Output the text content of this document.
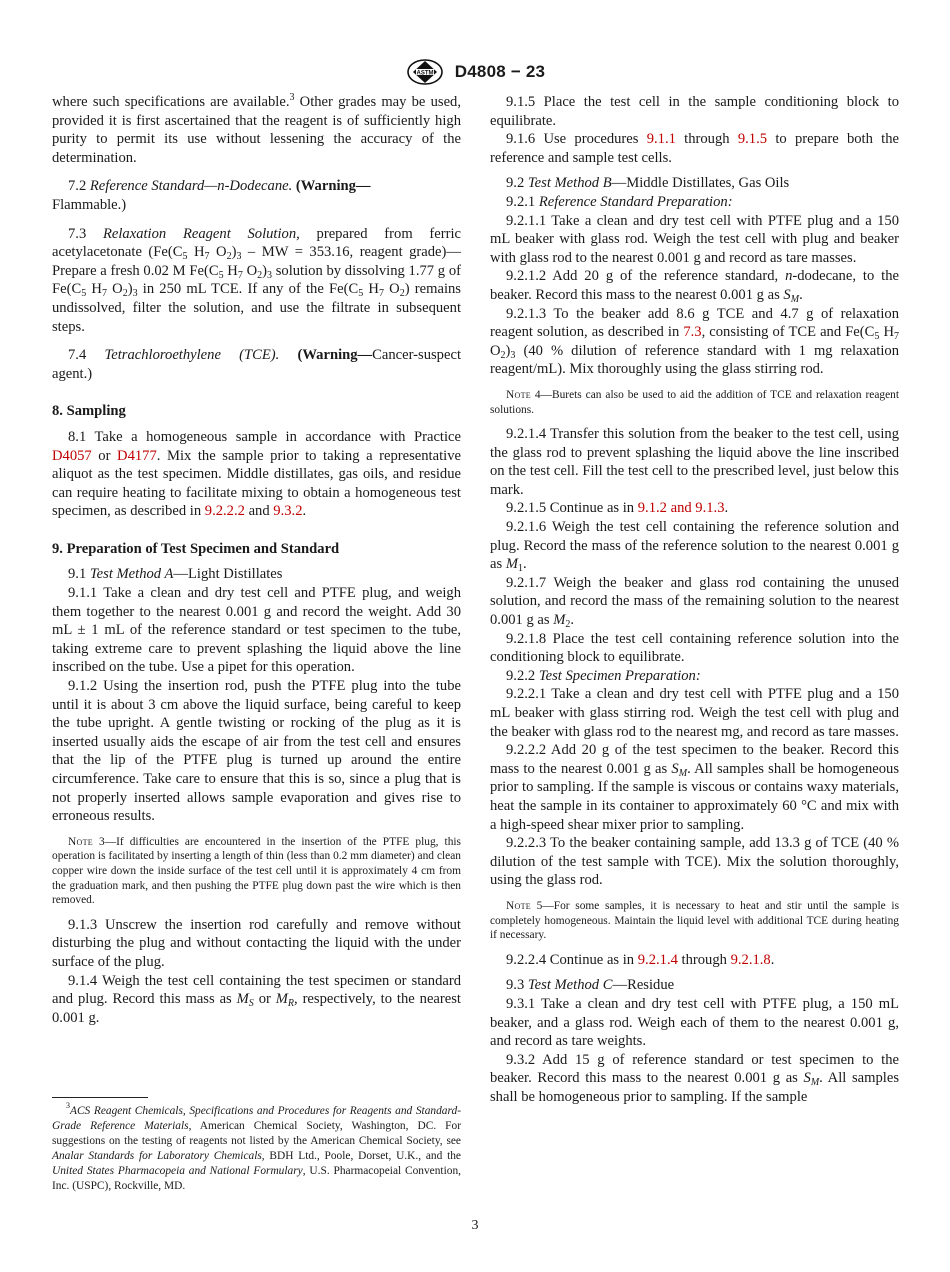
ASTM D4808 − 23

where such specifications are available.$^3$ Other grades may be used, provided it is first ascertained that the reagent is of sufficiently high purity to permit its use without lessening the accuracy of the determination.

7.2 Reference Standard—n-Dodecane. (Warning—

Flammable.)

7.3 Relaxation Reagent Solution, prepared from ferric acetylacetonate ($Fe(C_5$ $H_7$ $O_2)_3$ – MW = 353.16, reagent grade)—Prepare a fresh 0.02 M $Fe(C_5$ $H_7$ $O_2)_3$ solution by dissolving 1.77 g of $Fe(C_5$ $H_7$ $O_2)_3$ in 250 mL TCE. If any of the $Fe(C_5$ $H_7$ $O_2$) remains undissolved, filter the solution, and use the filtrate in subsequent steps.

7.4 Tetrachloroethylene (TCE). (Warning—Cancer-suspect agent.)

8. Sampling

8.1 Take a homogeneous sample in accordance with Practice D4057 or D4177. Mix the sample prior to taking a representative aliquot as the test specimen. Middle distillates, gas oils, and residue can require heating to facilitate mixing to obtain a homogeneous test specimen, as described in 9.2.2.2 and 9.3.2.

9. Preparation of Test Specimen and Standard

9.1 Test Method A—Light Distillates

9.1.1 Take a clean and dry test cell and PTFE plug, and weigh them together to the nearest 0.001 g and record the weight. Add 30 mL ± 1 mL of the reference standard or test specimen to the tube, taking extreme care to prevent splashing the liquid above the line inscribed on the tube. Use a pipet for this operation.

9.1.2 Using the insertion rod, push the PTFE plug into the tube until it is about 3 cm above the liquid surface, being careful to keep the tube upright. A gentle twisting or rocking of the plug as it is inserted usually aids the escape of air from the test cell and ensures that the lip of the PTFE plug is turned up around the entire circumference. Take care to ensure that this is so, since a plug that is not properly inserted allows sample evaporation and gives rise to erroneous results.

Note 3—If difficulties are encountered in the insertion of the PTFE plug, this operation is facilitated by inserting a length of thin (less than 0.2 mm diameter) and clean copper wire down the inside surface of the test cell until it is approximately 4 cm from the graduation mark, and then pushing the PTFE plug down past the wire which is then removed.

9.1.3 Unscrew the insertion rod carefully and remove without disturbing the plug and without contacting the liquid with the under surface of the plug.

9.1.4 Weigh the test cell containing the test specimen or standard and plug. Record this mass as $M_S$ or $M_R$, respectively, to the nearest 0.001 g.

$^3$ACS Reagent Chemicals, Specifications and Procedures for Reagents and Standard-Grade Reference Materials, American Chemical Society, Washington, DC. For suggestions on the testing of reagents not listed by the American Chemical Society, see Analar Standards for Laboratory Chemicals, BDH Ltd., Poole, Dorset, U.K., and the United States Pharmacopeia and National Formulary, U.S. Pharmacopeial Convention, Inc. (USPC), Rockville, MD.

9.1.5 Place the test cell in the sample conditioning block to equilibrate.

9.1.6 Use procedures 9.1.1 through 9.1.5 to prepare both the reference and sample test cells.

9.2 Test Method B—Middle Distillates, Gas Oils

9.2.1 Reference Standard Preparation:

9.2.1.1 Take a clean and dry test cell with PTFE plug and a 150 mL beaker with glass rod. Weigh the test cell with plug and beaker with glass rod to the nearest 0.001 g and record as tare masses.

9.2.1.2 Add 20 g of the reference standard, n-dodecane, to the beaker. Record this mass to the nearest 0.001 g as $S_M$.

9.2.1.3 To the beaker add 8.6 g TCE and 4.7 g of relaxation reagent solution, as described in 7.3, consisting of TCE and $Fe(C_5$ $H_7$ $O_2)_3$ (40 % dilution of reference standard with 1 mg relaxation reagent/mL). Mix thoroughly using the glass stirring rod.

Note 4—Burets can also be used to aid the addition of TCE and relaxation reagent solutions.

9.2.1.4 Transfer this solution from the beaker to the test cell, using the glass rod to prevent splashing the liquid above the line inscribed on the test cell. Fill the test cell to the prescribed level, just below this mark.

9.2.1.5 Continue as in 9.1.2 and 9.1.3.

9.2.1.6 Weigh the test cell containing the reference solution and plug. Record the mass of the reference solution to the nearest 0.001 g as $M_1$.

9.2.1.7 Weigh the beaker and glass rod containing the unused solution, and record the mass of the remaining solution to the nearest 0.001 g as $M_2$.

9.2.1.8 Place the test cell containing reference solution into the conditioning block to equilibrate.

9.2.2 Test Specimen Preparation:

9.2.2.1 Take a clean and dry test cell with PTFE plug and a 150 mL beaker with glass stirring rod. Weigh the test cell with plug and the beaker with glass rod to the nearest mg, and record as tare masses.

9.2.2.2 Add 20 g of the test specimen to the beaker. Record this mass to the nearest 0.001 g as $S_M$. All samples shall be homogeneous prior to sampling. If the sample is viscous or contains waxy materials, heat the sample in its container to approximately 60 °C and mix with a high-speed shear mixer prior to sampling.

9.2.2.3 To the beaker containing sample, add 13.3 g of TCE (40 % dilution of the test sample with TCE). Mix the solution thoroughly, using the glass rod.

Note 5—For some samples, it is necessary to heat and stir until the sample is completely homogeneous. Maintain the liquid level with additional TCE during heating if necessary.

9.2.2.4 Continue as in 9.2.1.4 through 9.2.1.8.

9.3 Test Method C—Residue

9.3.1 Take a clean and dry test cell with PTFE plug, a 150 mL beaker, and a glass rod. Weigh each of them to the nearest 0.001 g, and record as tare weights.

9.3.2 Add 15 g of reference standard or test specimen to the beaker. Record this mass to the nearest 0.001 g as $S_M$. All samples shall be homogeneous prior to sampling. If the sample

3
